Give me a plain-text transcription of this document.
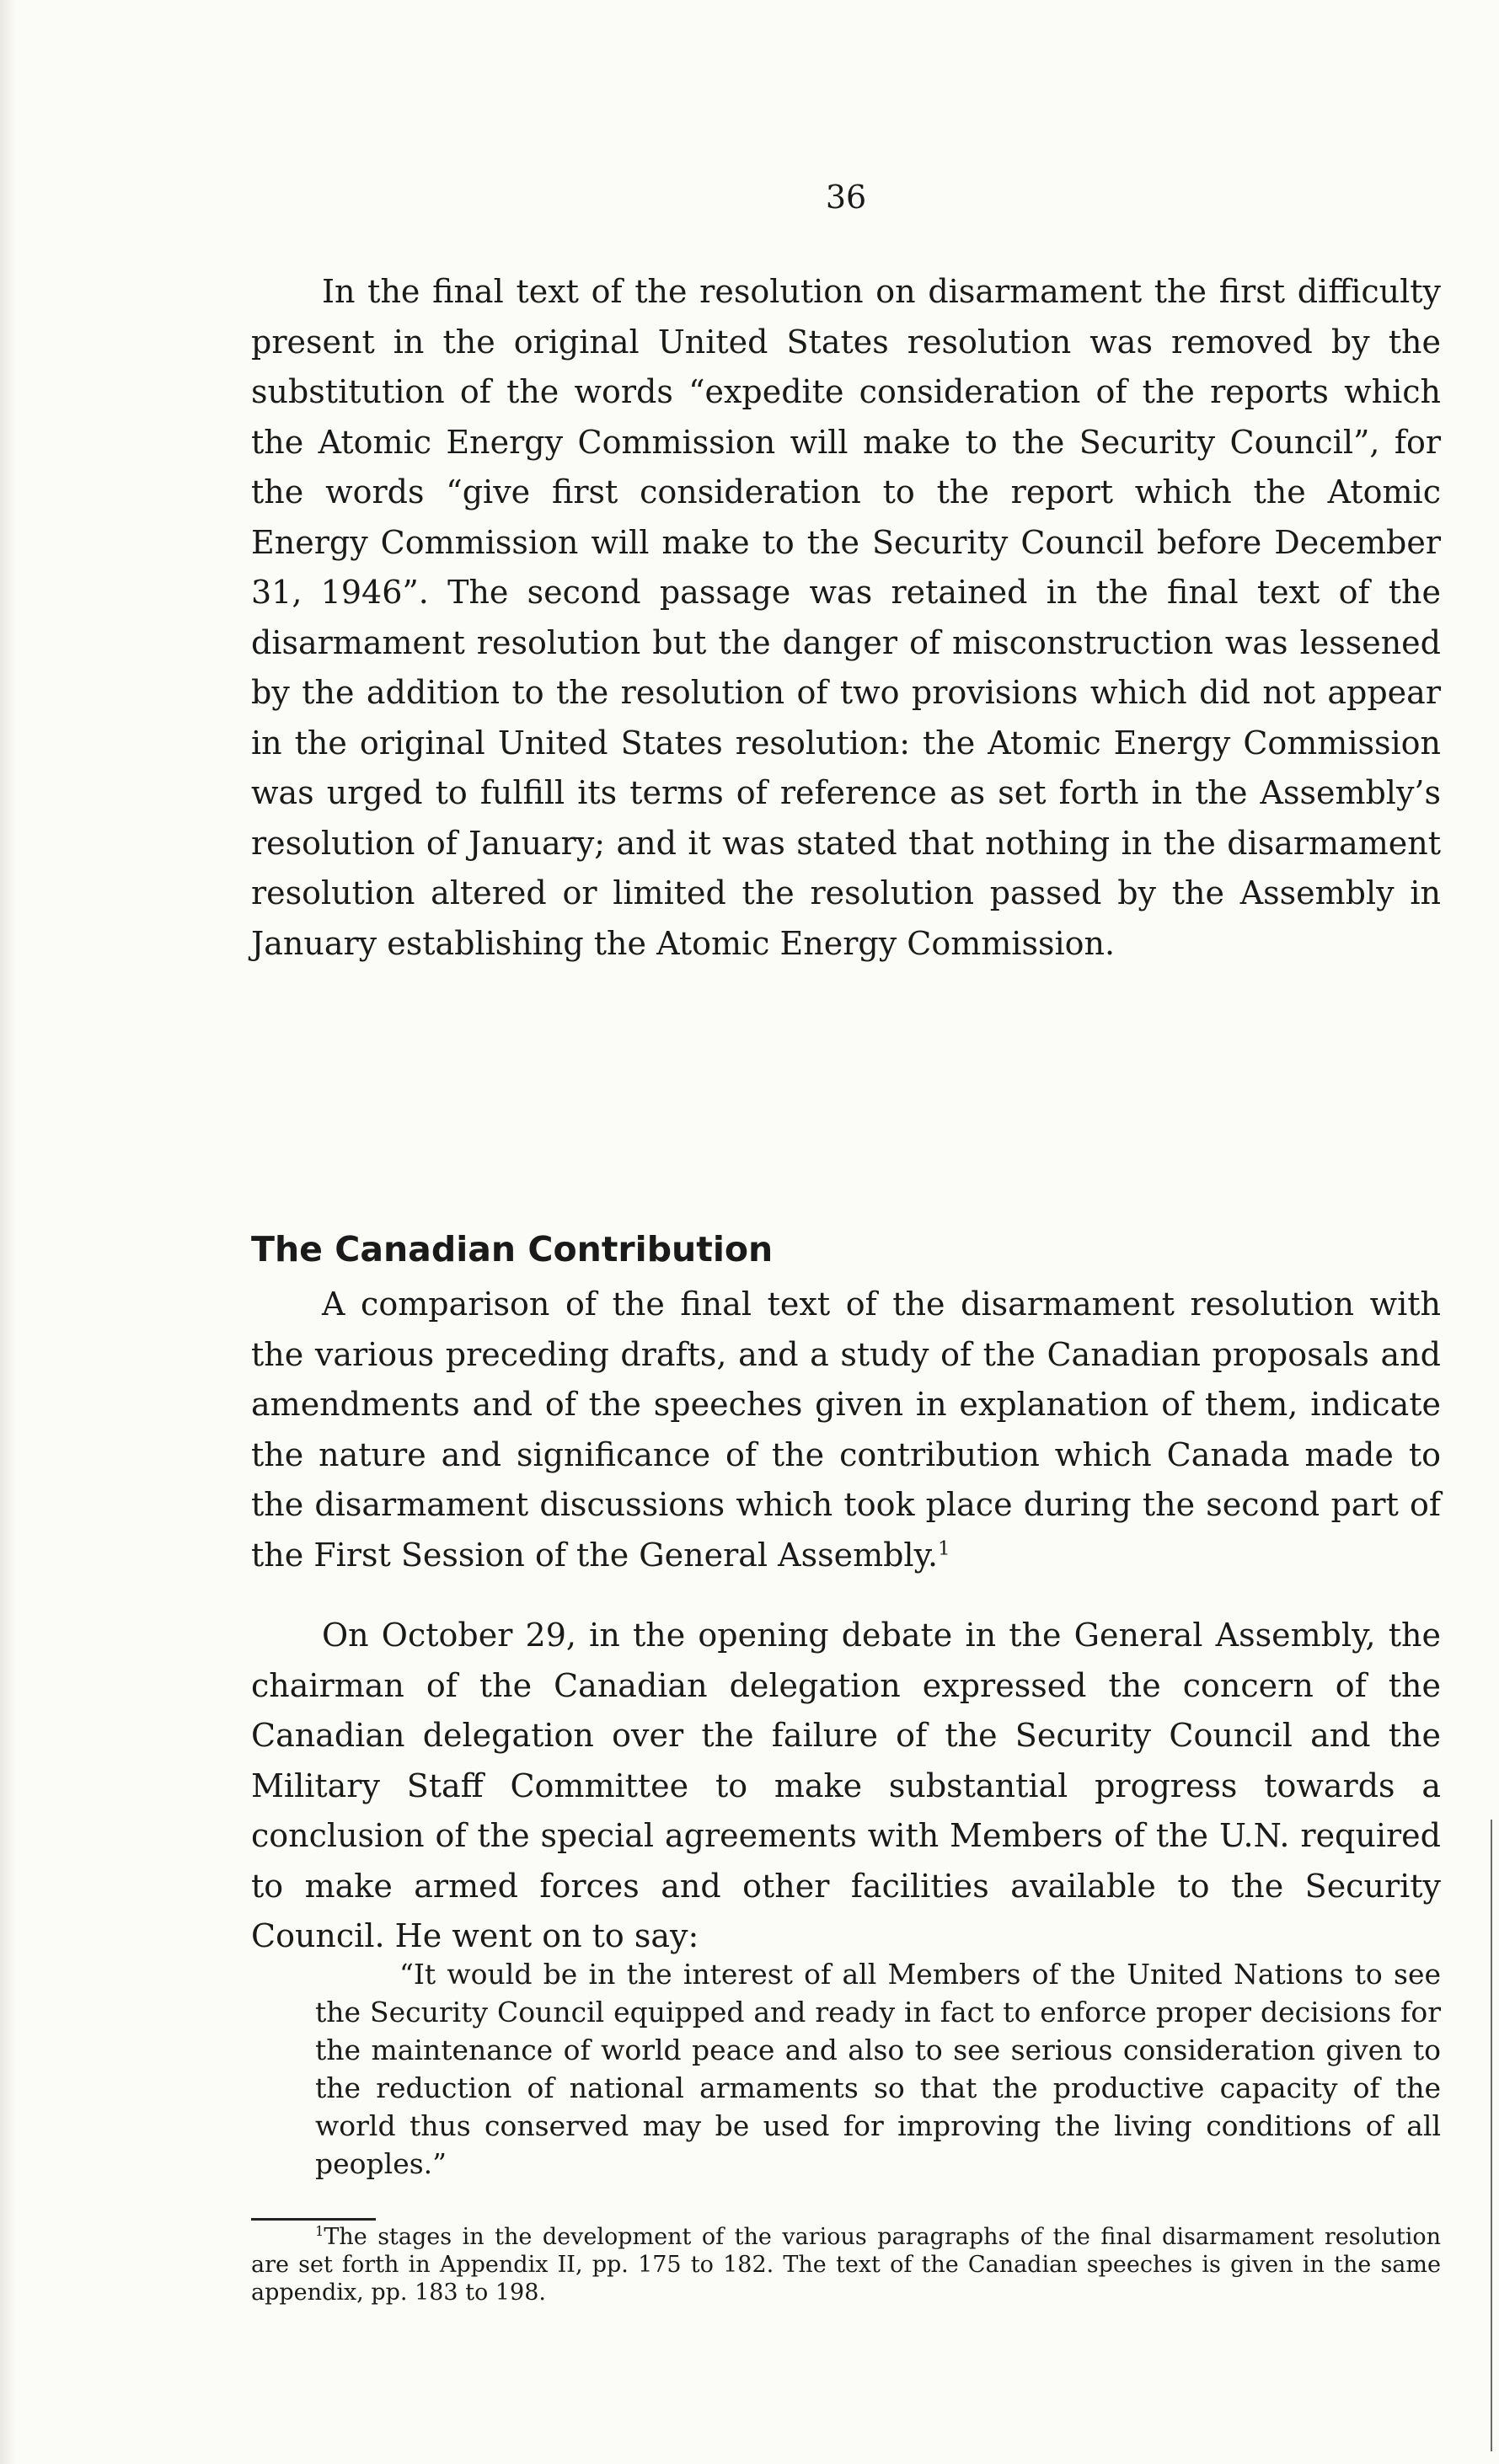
36

In the final text of the resolution on disarmament the first difficulty present in the original United States resolution was removed by the substitution of the words “expedite consideration of the reports which the Atomic Energy Commission will make to the Security Council”, for the words “give first consideration to the report which the Atomic Energy Commission will make to the Security Council before December 31, 1946”. The second passage was retained in the final text of the disarmament resolution but the danger of misconstruction was lessened by the addition to the resolution of two provisions which did not appear in the original United States resolution: the Atomic Energy Commission was urged to fulfill its terms of reference as set forth in the Assembly’s resolution of January; and it was stated that nothing in the disarmament resolution altered or limited the resolution passed by the Assembly in January establishing the Atomic Energy Commission.

The Canadian Contribution

A comparison of the final text of the disarmament resolution with the various preceding drafts, and a study of the Canadian proposals and amendments and of the speeches given in explanation of them, indicate the nature and significance of the contribution which Canada made to the disarmament discussions which took place during the second part of the First Session of the General Assembly.$^1$

On October 29, in the opening debate in the General Assembly, the chairman of the Canadian delegation expressed the concern of the Canadian delegation over the failure of the Security Council and the Military Staff Committee to make substantial progress towards a conclusion of the special agreements with Members of the U.N. required to make armed forces and other facilities available to the Security Council. He went on to say:

“It would be in the interest of all Members of the United Nations to see the Security Council equipped and ready in fact to enforce proper decisions for the maintenance of world peace and also to see serious consideration given to the reduction of national armaments so that the productive capacity of the world thus conserved may be used for improving the living conditions of all peoples.”

$^1$The stages in the development of the various paragraphs of the final disarmament resolution are set forth in Appendix II, pp. 175 to 182. The text of the Canadian speeches is given in the same appendix, pp. 183 to 198.
